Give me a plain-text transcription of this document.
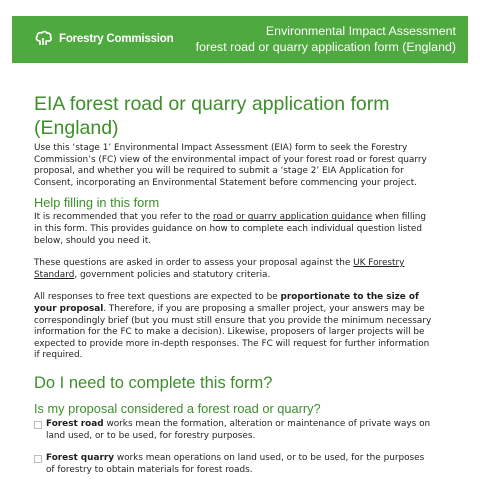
Forestry Commission
Environmental Impact Assessment
forest road or quarry application form (England)
EIA forest road or quarry application form (England)

Use this ‘stage 1’ Environmental Impact Assessment (EIA) form to seek the Forestry Commission’s (FC) view of the environmental impact of your forest road or forest quarry proposal, and whether you will be required to submit a ‘stage 2’ EIA Application for Consent, incorporating an Environmental Statement before commencing your project.

Help filling in this form

It is recommended that you refer to the road or quarry application guidance when filling in this form. This provides guidance on how to complete each individual question listed below, should you need it.

These questions are asked in order to assess your proposal against the UK Forestry Standard, government policies and statutory criteria.

All responses to free text questions are expected to be proportionate to the size of your proposal. Therefore, if you are proposing a smaller project, your answers may be correspondingly brief (but you must still ensure that you provide the minimum necessary information for the FC to make a decision). Likewise, proposers of larger projects will be expected to provide more in-depth responses. The FC will request for further information if required.

Do I need to complete this form?
Is my proposal considered a forest road or quarry?

Forest road works mean the formation, alteration or maintenance of private ways on land used, or to be used, for forestry purposes.

Forest quarry works mean operations on land used, or to be used, for the purposes of forestry to obtain materials for forest roads.
